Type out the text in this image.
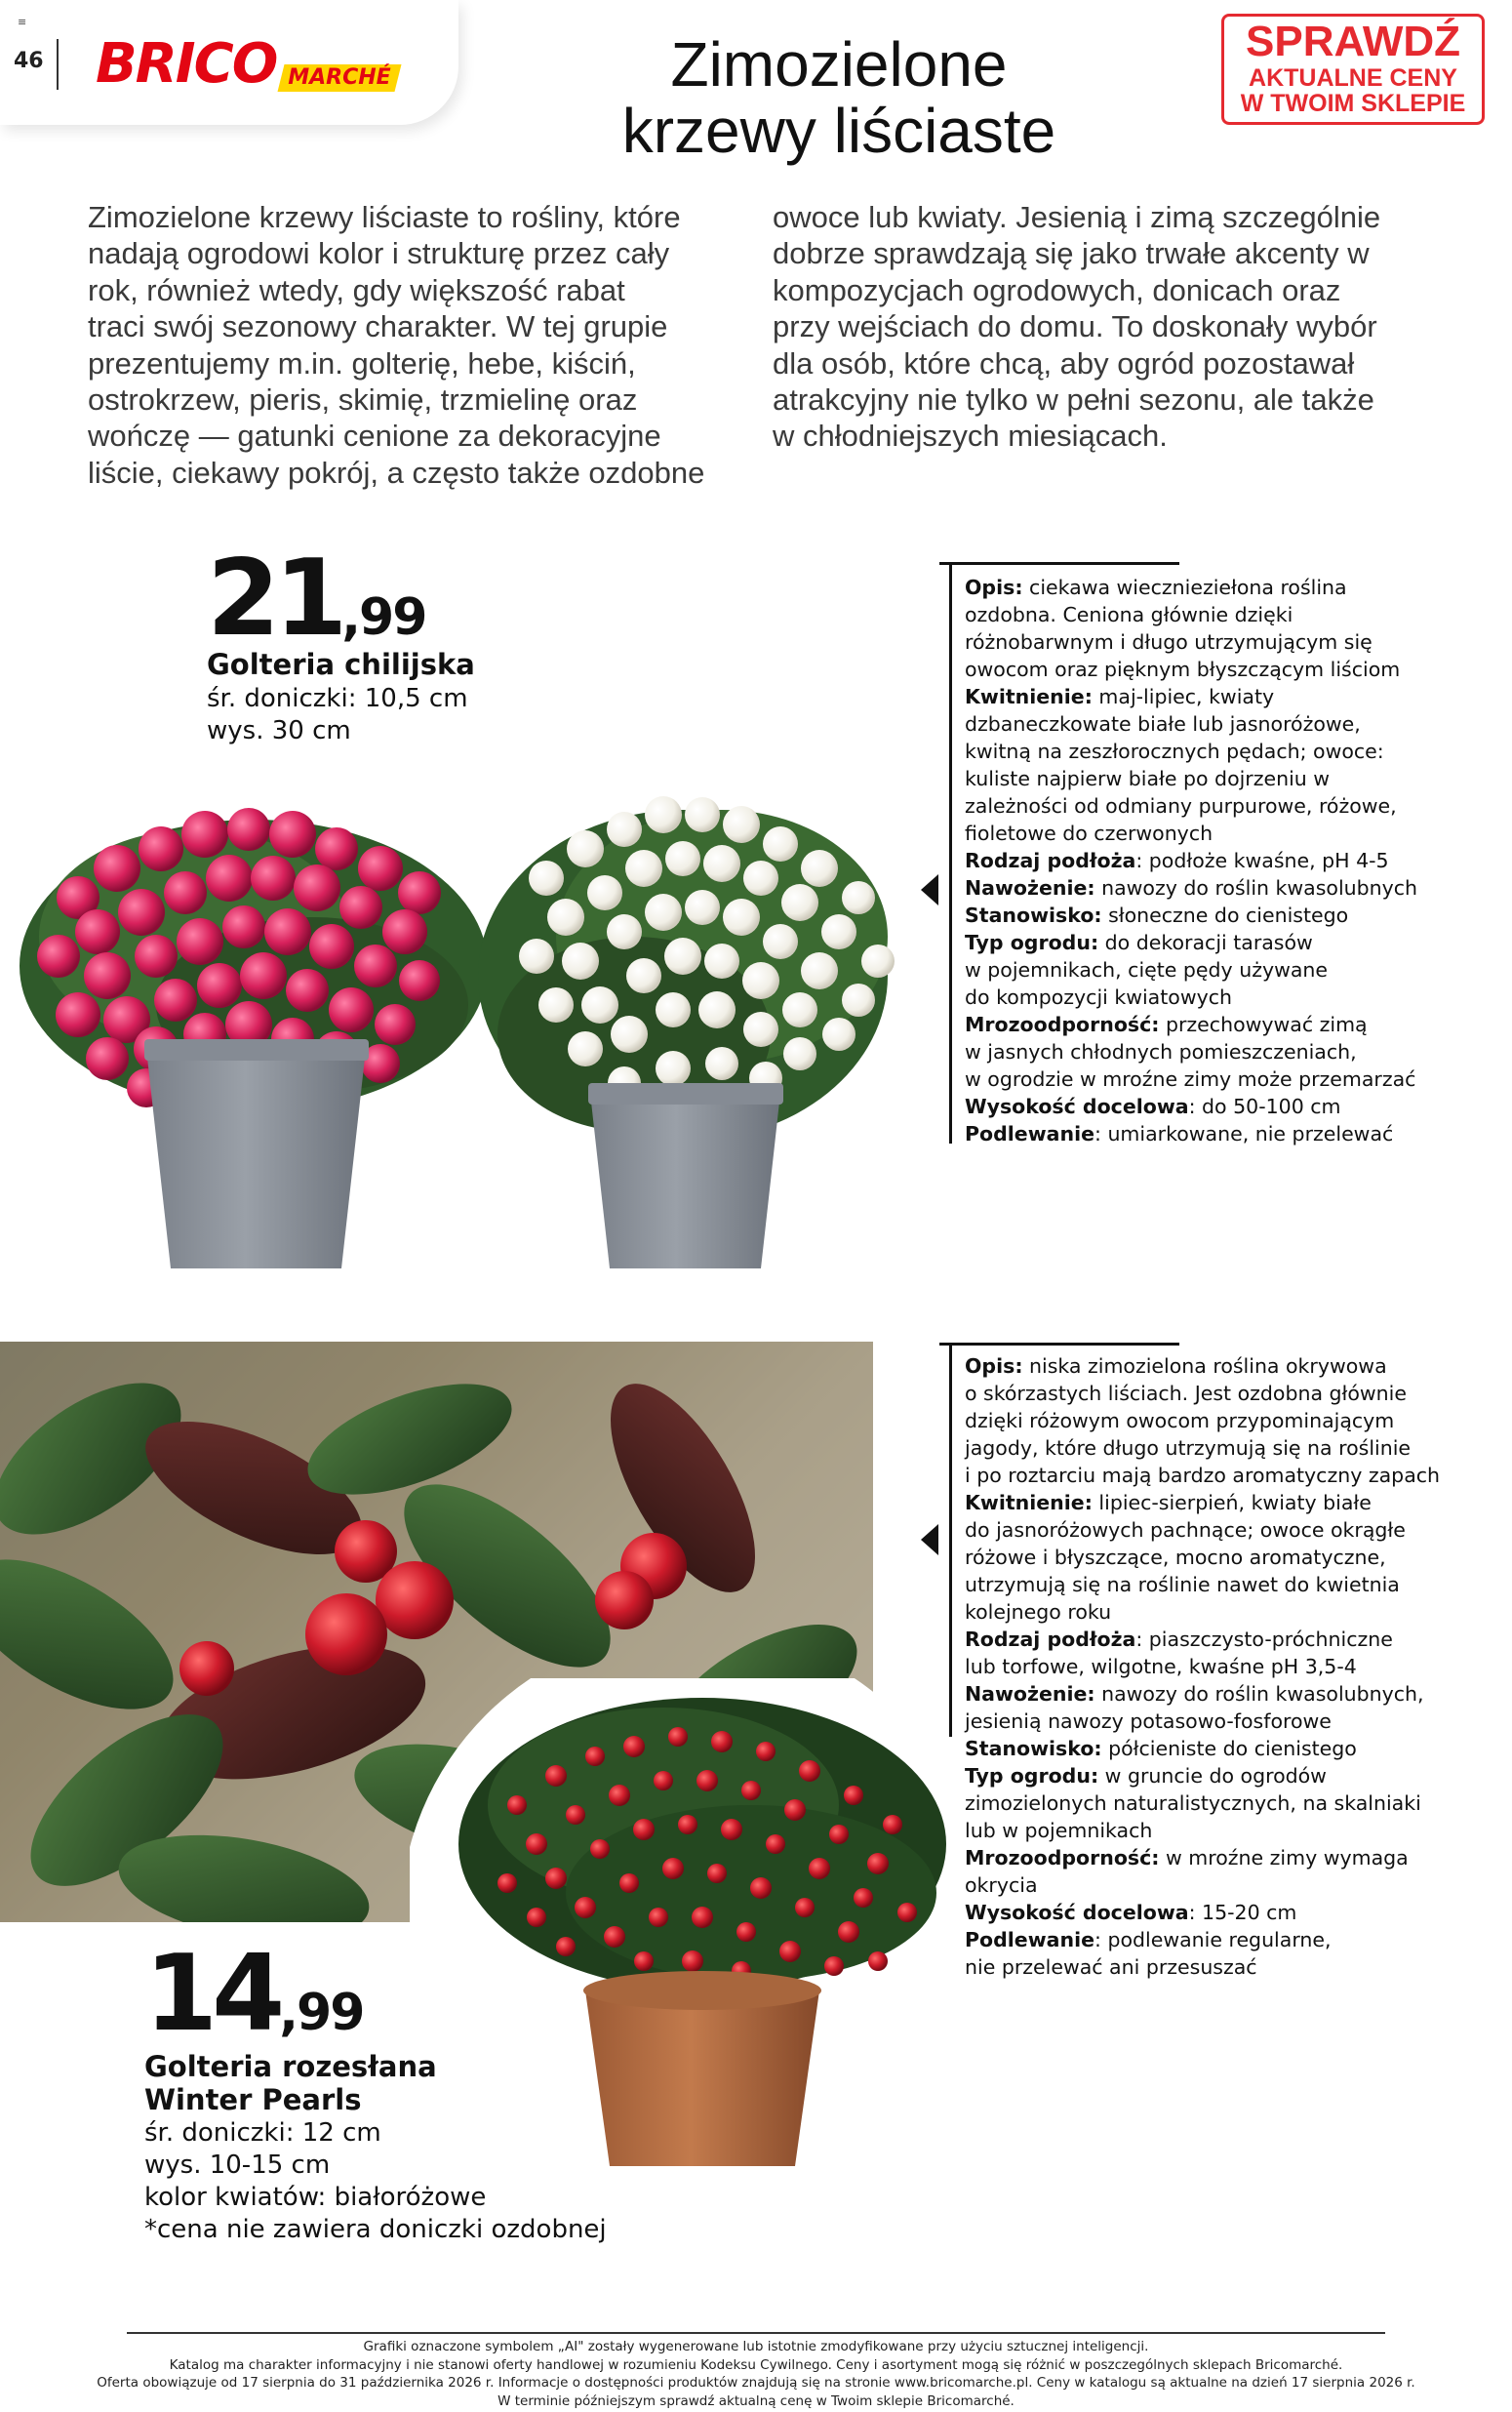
≡
46 BRICO MARCHÉ	Zimozielone
krzewy liściaste
SPRAWDŹ
AKTUALNE CENY
W TWOIM SKLEPIE
Zimozielone krzewy liściaste to rośliny, które
nadają ogrodowi kolor i strukturę przez cały
rok, również wtedy, gdy większość rabat
traci swój sezonowy charakter. W tej grupie
prezentujemy m.in. golterię, hebe, kiściń,
ostrokrzew, pieris, skimię, trzmielinę oraz
wończę — gatunki cenione za dekoracyjne
liście, ciekawy pokrój, a często także ozdobne
owoce lub kwiaty. Jesienią i zimą szczególnie
dobrze sprawdzają się jako trwałe akcenty w
kompozycjach ogrodowych, donicach oraz
przy wejściach do domu. To doskonały wybór
dla osób, które chcą, aby ogród pozostawał
atrakcyjny nie tylko w pełni sezonu, ale także
w chłodniejszych miesiącach.
21,99
Golteria chilijska
śr. doniczki: 10,5 cm
wys. 30 cm
Opis: ciekawa wiecznieziełona roślina
ozdobna. Ceniona głównie dzięki
różnobarwnym i długo utrzymującym się
owocom oraz pięknym błyszczącym liściom
Kwitnienie: maj-lipiec, kwiaty
dzbaneczkowate białe lub jasnoróżowe,
kwitną na zeszłorocznych pędach; owoce:
kuliste najpierw białe po dojrzeniu w
zależności od odmiany purpurowe, różowe,
fioletowe do czerwonych
Rodzaj podłoża: podłoże kwaśne, pH 4-5
Nawożenie: nawozy do roślin kwasolubnych
Stanowisko: słoneczne do cienistego
Typ ogrodu: do dekoracji tarasów
w pojemnikach, cięte pędy używane
do kompozycji kwiatowych
Mrozoodporność: przechowywać zimą
w jasnych chłodnych pomieszczeniach,
w ogrodzie w mroźne zimy może przemarzać
Wysokość docelowa: do 50-100 cm
Podlewanie: umiarkowane, nie przelewać
14,99
Golteria rozesłana
Winter Pearls
śr. doniczki: 12 cm
wys. 10-15 cm
kolor kwiatów: białoróżowe
*cena nie zawiera doniczki ozdobnej
Opis: niska zimozielona roślina okrywowa
o skórzastych liściach. Jest ozdobna głównie
dzięki różowym owocom przypominającym
jagody, które długo utrzymują się na roślinie
i po roztarciu mają bardzo aromatyczny zapach
Kwitnienie: lipiec-sierpień, kwiaty białe
do jasnoróżowych pachnące; owoce okrągłe
różowe i błyszczące, mocno aromatyczne,
utrzymują się na roślinie nawet do kwietnia
kolejnego roku
Rodzaj podłoża: piaszczysto-próchniczne
lub torfowe, wilgotne, kwaśne pH 3,5-4
Nawożenie: nawozy do roślin kwasolubnych,
jesienią nawozy potasowo-fosforowe
Stanowisko: półcieniste do cienistego
Typ ogrodu: w gruncie do ogrodów
zimozielonych naturalistycznych, na skalniaki
lub w pojemnikach
Mrozoodporność: w mroźne zimy wymaga
okrycia
Wysokość docelowa: 15-20 cm
Podlewanie: podlewanie regularne,
nie przelewać ani przesuszać
Grafiki oznaczone symbolem „AI" zostały wygenerowane lub istotnie zmodyfikowane przy użyciu sztucznej inteligencji.
Katalog ma charakter informacyjny i nie stanowi oferty handlowej w rozumieniu Kodeksu Cywilnego. Ceny i asortyment mogą się różnić w poszczególnych sklepach Bricomarché.
Oferta obowiązuje od 17 sierpnia do 31 października 2026 r. Informacje o dostępności produktów znajdują się na stronie www.bricomarche.pl. Ceny w katalogu są aktualne na dzień 17 sierpnia 2026 r.
W terminie późniejszym sprawdź aktualną cenę w Twoim sklepie Bricomarché.
